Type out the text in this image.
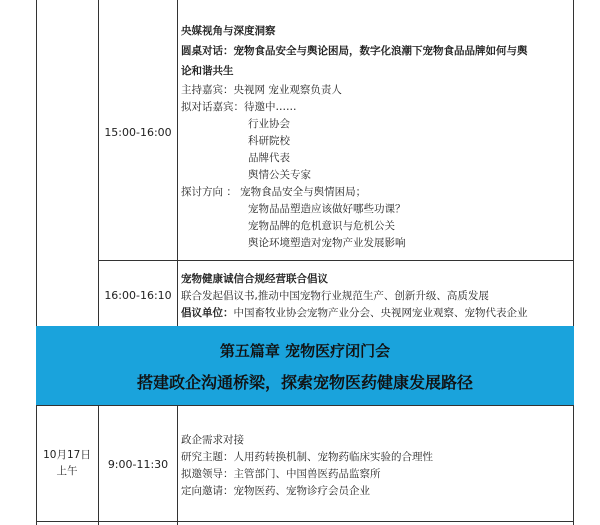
15:00-16:00
央媒视角与深度洞察
圆桌对话：宠物食品安全与舆论困局，数字化浪潮下宠物食品品牌如何与舆
论和谐共生
主持嘉宾：央视网 宠业观察负责人
拟对话嘉宾：待邀中……
行业协会
科研院校
品牌代表
舆情公关专家
探讨方向 ： 宠物食品安全与舆情困局；
宠物品品塑造应该做好哪些功课？
宠物品牌的危机意识与危机公关
舆论环境塑造对宠物产业发展影响
16:00-16:10
宠物健康诚信合规经营联合倡议
联合发起倡议书,推动中国宠物行业规范生产、创新升级、高质发展
倡议单位：中国畜牧业协会宠物产业分会、央视网宠业观察、宠物代表企业
第五篇章 宠物医疗闭门会
搭建政企沟通桥梁，探索宠物医药健康发展路径
10月17日
上午	9:00-11:30
政企需求对接
研究主题：人用药转换机制、宠物药临床实验的合理性
拟邀领导：主管部门、中国兽医药品监察所
定向邀请：宠物医药、宠物诊疗会员企业
